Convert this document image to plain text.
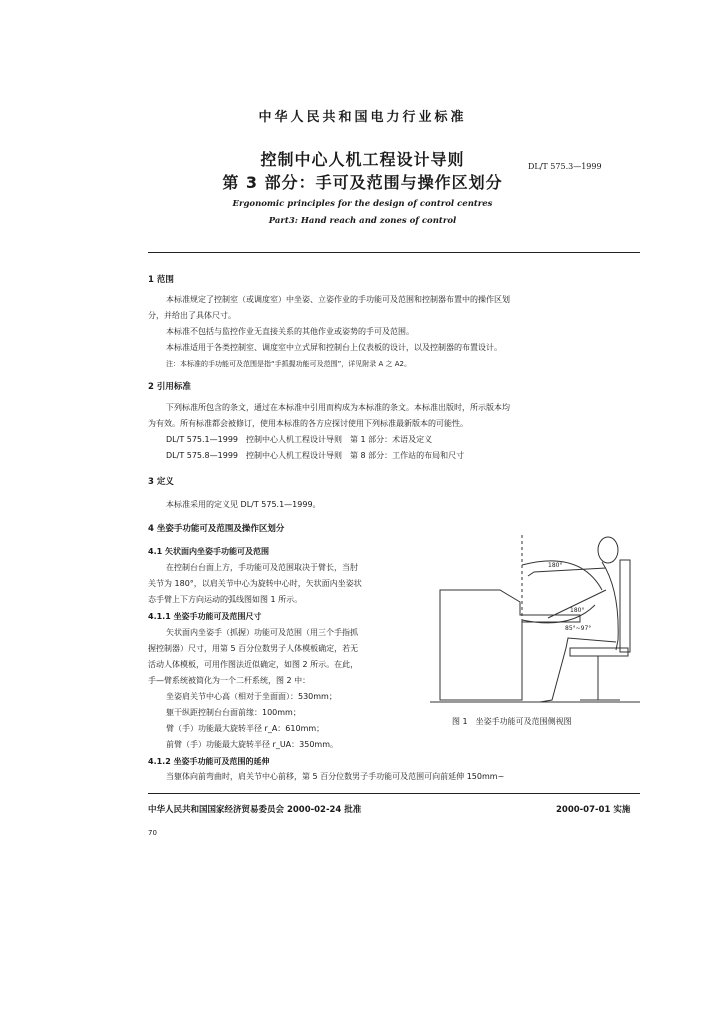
中华人民共和国电力行业标准
控制中心人机工程设计导则
第 3 部分：手可及范围与操作区划分
DL/T 575.3—1999
Ergonomic principles for the design of control centres
Part3: Hand reach and zones of control
1 范围
本标准规定了控制室（或调度室）中坐姿、立姿作业的手功能可及范围和控制器布置中的操作区划
分，并给出了具体尺寸。
本标准不包括与监控作业无直接关系的其他作业或姿势的手可及范围。
本标准适用于各类控制室、调度室中立式屏和控制台上仪表板的设计，以及控制器的布置设计。
注：本标准的手功能可及范围是指“手抓握功能可及范围”，详见附录 A 之 A2。
2 引用标准
下列标准所包含的条文，通过在本标准中引用而构成为本标准的条文。本标准出版时，所示版本均
为有效。所有标准都会被修订，使用本标准的各方应探讨使用下列标准最新版本的可能性。
DL/T 575.1—1999　控制中心人机工程设计导则　第 1 部分：术语及定义
DL/T 575.8—1999　控制中心人机工程设计导则　第 8 部分：工作站的布局和尺寸
3 定义
本标准采用的定义见 DL/T 575.1—1999。
4 坐姿手功能可及范围及操作区划分
4.1 矢状面内坐姿手功能可及范围
在控制台台面上方，手功能可及范围取决于臂长，当肘
关节为 180°，以肩关节中心为旋转中心时，矢状面内坐姿状
态手臂上下方向运动的弧线图如图 1 所示。
4.1.1 坐姿手功能可及范围尺寸
矢状面内坐姿手（抓握）功能可及范围（用三个手指抓
握控制器）尺寸，用第 5 百分位数男子人体模板确定，若无
活动人体模板，可用作图法近似确定，如图 2 所示。在此，
手—臂系统被简化为一个二杆系统，图 2 中：
坐姿肩关节中心高（相对于坐面面）：530mm；
躯干纵距控制台台面前缘：100mm；
臂（手）功能最大旋转半径 r_A：610mm；
前臂（手）功能最大旋转半径 r_UA：350mm。
4.1.2 坐姿手功能可及范围的延伸
当躯体向前弯曲时，肩关节中心前移，第 5 百分位数男子手功能可及范围可向前延伸 150mm~
180°
180°
85°~97°
图 1　坐姿手功能可及范围侧视图
中华人民共和国国家经济贸易委员会 2000-02-24 批准	2000-07-01 实施
70
